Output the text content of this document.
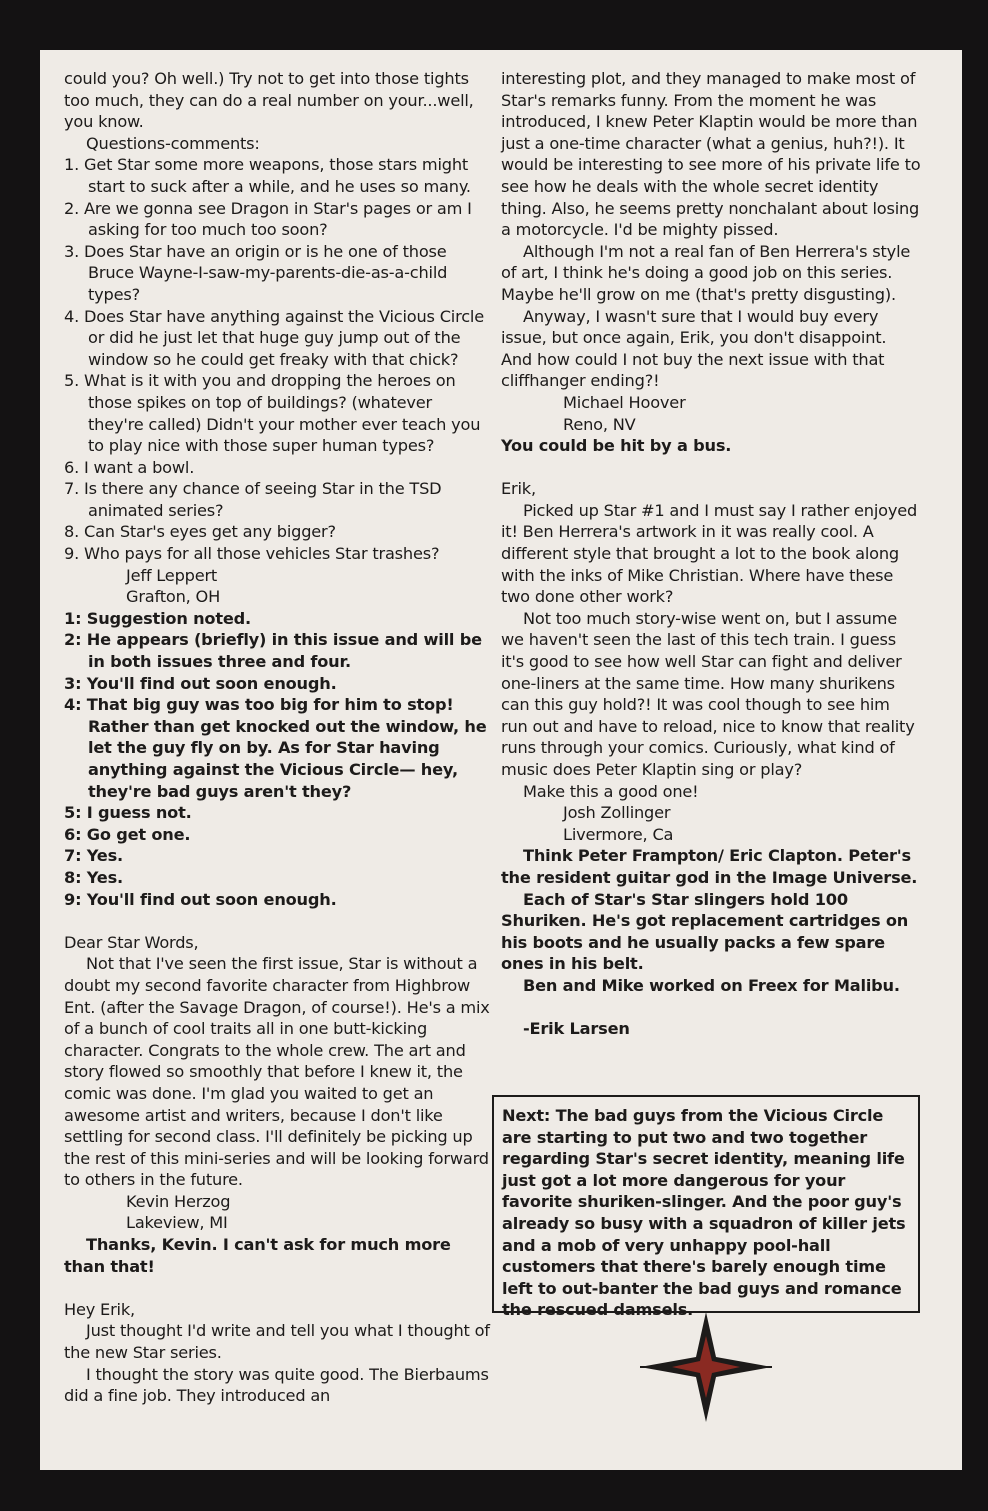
could you? Oh well.) Try not to get into those tights too much, they can do a real number on your...well, you know.

Questions-comments:

1. Get Star some more weapons, those stars might start to suck after a while, and he uses so many.

2. Are we gonna see Dragon in Star's pages or am I asking for too much too soon?

3. Does Star have an origin or is he one of those Bruce Wayne-I-saw-my-parents-die-as-a-child types?

4. Does Star have anything against the Vicious Circle or did he just let that huge guy jump out of the window so he could get freaky with that chick?

5. What is it with you and dropping the heroes on those spikes on top of buildings? (whatever they're called) Didn't your mother ever teach you to play nice with those super human types?

6. I want a bowl.

7. Is there any chance of seeing Star in the TSD animated series?

8. Can Star's eyes get any bigger?

9. Who pays for all those vehicles Star trashes?

Jeff Leppert

Grafton, OH

1: Suggestion noted.

2: He appears (briefly) in this issue and will be in both issues three and four.

3: You'll find out soon enough.

4: That big guy was too big for him to stop! Rather than get knocked out the window, he let the guy fly on by. As for Star having anything against the Vicious Circle— hey, they're bad guys aren't they?

5: I guess not.

6: Go get one.

7: Yes.

8: Yes.

9: You'll find out soon enough.

Dear Star Words,

Not that I've seen the first issue, Star is without a doubt my second favorite character from Highbrow Ent. (after the Savage Dragon, of course!). He's a mix of a bunch of cool traits all in one butt-kicking character. Congrats to the whole crew. The art and story flowed so smoothly that before I knew it, the comic was done. I'm glad you waited to get an awesome artist and writers, because I don't like settling for second class. I'll definitely be picking up the rest of this mini-series and will be looking forward to others in the future.

Kevin Herzog

Lakeview, MI

Thanks, Kevin. I can't ask for much more than that!

Hey Erik,

Just thought I'd write and tell you what I thought of the new Star series.

I thought the story was quite good. The Bierbaums did a fine job. They introduced an

interesting plot, and they managed to make most of Star's remarks funny. From the moment he was introduced, I knew Peter Klaptin would be more than just a one-time character (what a genius, huh?!). It would be interesting to see more of his private life to see how he deals with the whole secret identity thing. Also, he seems pretty nonchalant about losing a motorcycle. I'd be mighty pissed.

Although I'm not a real fan of Ben Herrera's style of art, I think he's doing a good job on this series. Maybe he'll grow on me (that's pretty disgusting).

Anyway, I wasn't sure that I would buy every issue, but once again, Erik, you don't disappoint. And how could I not buy the next issue with that cliffhanger ending?!

Michael Hoover

Reno, NV

You could be hit by a bus.

Erik,

Picked up Star #1 and I must say I rather enjoyed it! Ben Herrera's artwork in it was really cool. A different style that brought a lot to the book along with the inks of Mike Christian. Where have these two done other work?

Not too much story-wise went on, but I assume we haven't seen the last of this tech train. I guess it's good to see how well Star can fight and deliver one-liners at the same time. How many shurikens can this guy hold?! It was cool though to see him run out and have to reload, nice to know that reality runs through your comics. Curiously, what kind of music does Peter Klaptin sing or play?

Make this a good one!

Josh Zollinger

Livermore, Ca

Think Peter Frampton/ Eric Clapton. Peter's the resident guitar god in the Image Universe.

Each of Star's Star slingers hold 100 Shuriken. He's got replacement cartridges on his boots and he usually packs a few spare ones in his belt.

Ben and Mike worked on Freex for Malibu.

-Erik Larsen

Next: The bad guys from the Vicious Circle are starting to put two and two together regarding Star's secret identity, meaning life just got a lot more dangerous for your favorite shuriken-slinger. And the poor guy's already so busy with a squadron of killer jets and a mob of very unhappy pool-hall customers that there's barely enough time left to out-banter the bad guys and romance the rescued damsels.
